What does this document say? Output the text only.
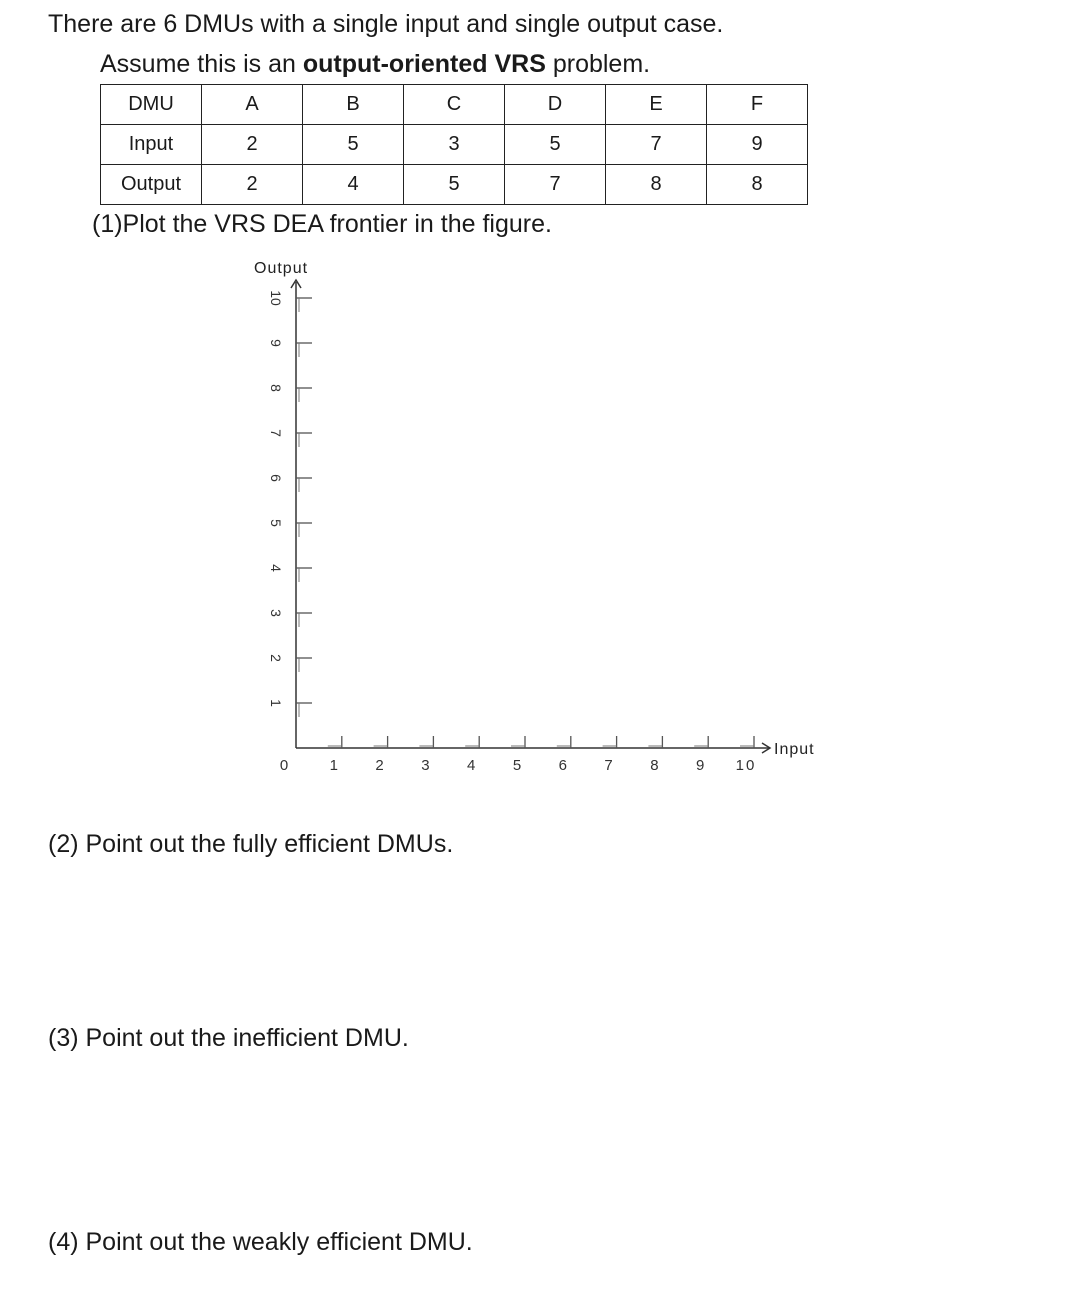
There are 6 DMUs with a single input and single output case.
Assume this is an output-oriented VRS problem.
DMU	A	B	C	D	E	F
Input	2	5	3	5	7	9
Output	2	4	5	7	8	8
(1)Plot the VRS DEA frontier in the figure.
Output
Input
1
2
3
4
5
6
7
8
9
10
0	1 2 3 4 5 6 7 8 9 10
(2) Point out the fully efficient DMUs.
(3) Point out the inefficient DMU.
(4) Point out the weakly efficient DMU.
